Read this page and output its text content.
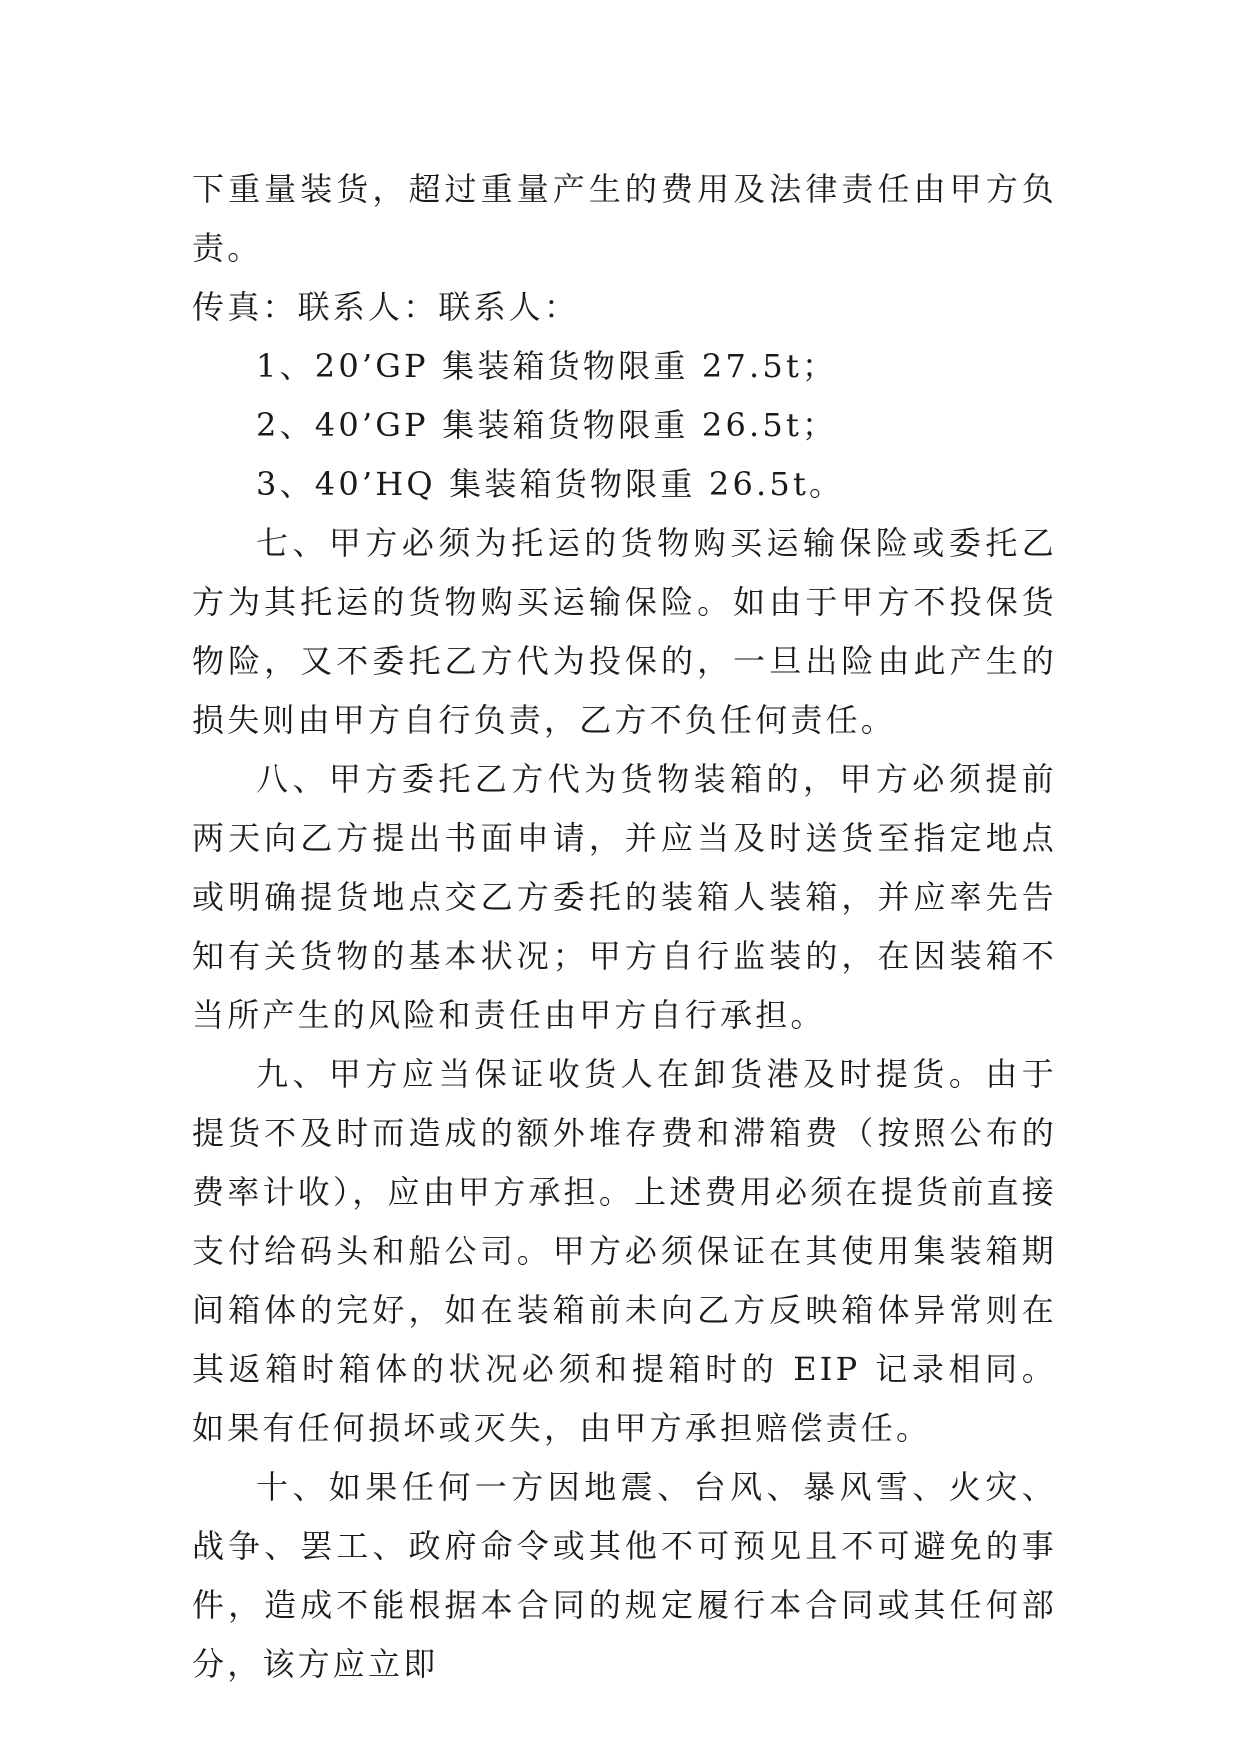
下重量装货，超过重量产生的费用及法律责任由甲方负责。

传真：联系人：联系人：

1、20’GP 集装箱货物限重 27.5t；

2、40’GP 集装箱货物限重 26.5t；

3、40’HQ 集装箱货物限重 26.5t。

七、甲方必须为托运的货物购买运输保险或委托乙方为其托运的货物购买运输保险。如由于甲方不投保货物险，又不委托乙方代为投保的，一旦出险由此产生的损失则由甲方自行负责，乙方不负任何责任。

八、甲方委托乙方代为货物装箱的，甲方必须提前两天向乙方提出书面申请，并应当及时送货至指定地点或明确提货地点交乙方委托的装箱人装箱，并应率先告知有关货物的基本状况；甲方自行监装的，在因装箱不当所产生的风险和责任由甲方自行承担。

九、甲方应当保证收货人在卸货港及时提货。由于提货不及时而造成的额外堆存费和滞箱费（按照公布的费率计收），应由甲方承担。上述费用必须在提货前直接支付给码头和船公司。甲方必须保证在其使用集装箱期间箱体的完好，如在装箱前未向乙方反映箱体异常则在其返箱时箱体的状况必须和提箱时的 EIP 记录相同。如果有任何损坏或灭失，由甲方承担赔偿责任。

十、如果任何一方因地震、台风、暴风雪、火灾、战争、罢工、政府命令或其他不可预见且不可避免的事件，造成不能根据本合同的规定履行本合同或其任何部分，该方应立即
